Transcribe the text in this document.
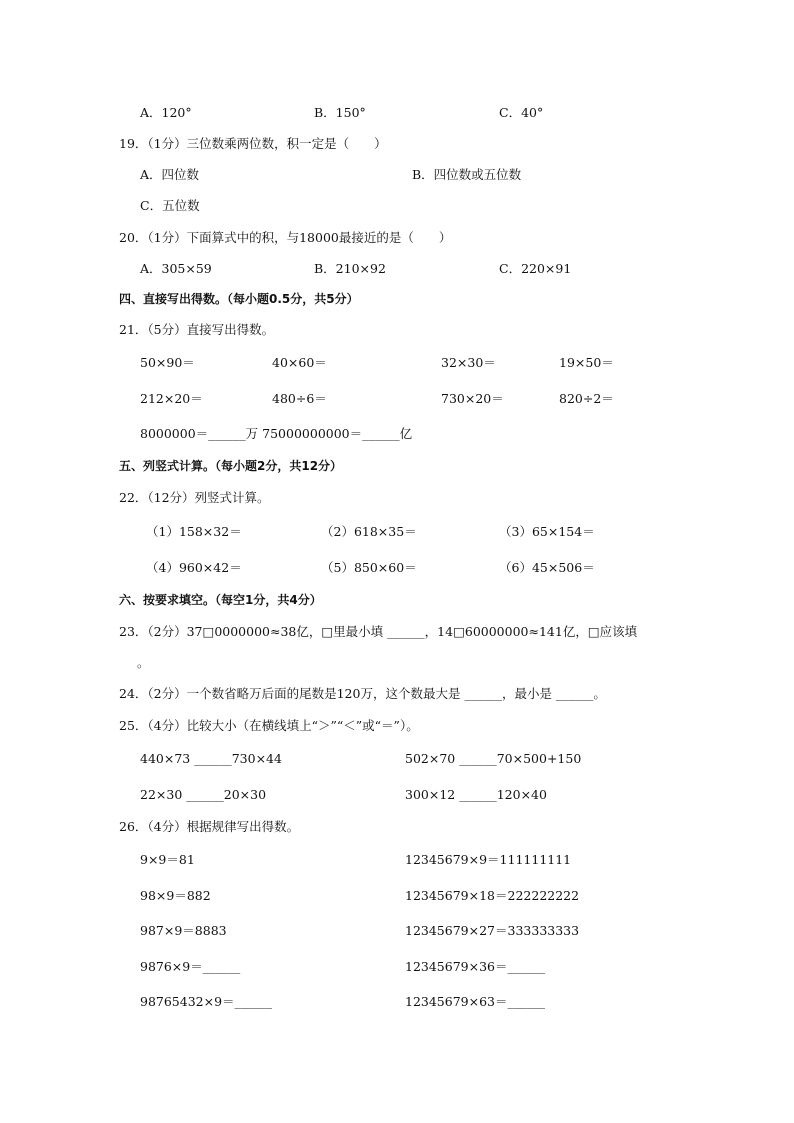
A．120°	B．150°	C．40°
19．（1分）三位数乘两位数，积一定是（　　）
A．四位数	B．四位数或五位数
C．五位数
20．（1分）下面算式中的积，与18000最接近的是（　　）
A．305×59	B．210×92	C．220×91
四、直接写出得数。（每小题0.5分，共5分）
21．（5分）直接写出得数。
50×90＝	40×60＝	32×30＝	19×50＝
212×20＝	480÷6＝	730×20＝	820÷2＝
8000000＝______万 75000000000＝______亿
五、列竖式计算。（每小题2分，共12分）
22．（12分）列竖式计算。
（1）158×32＝	（2）618×35＝	（3）65×154＝
（4）960×42＝	（5）850×60＝	（6）45×506＝
六、按要求填空。（每空1分，共4分）
23．（2分）37□0000000≈38亿，□里最小填 ______，14□60000000≈141亿，□应该填
。
24．（2分）一个数省略万后面的尾数是120万，这个数最大是 ______，最小是 ______。
25．（4分）比较大小（在横线填上“＞”“＜”或“＝”）。
440×73 ______730×44	502×70 ______70×500+150
22×30 ______20×30	300×12 ______120×40
26．（4分）根据规律写出得数。
9×9＝81	12345679×9＝111111111
98×9＝882	12345679×18＝222222222
987×9＝8883	12345679×27＝333333333
9876×9＝______	12345679×36＝______
98765432×9＝______	12345679×63＝______
